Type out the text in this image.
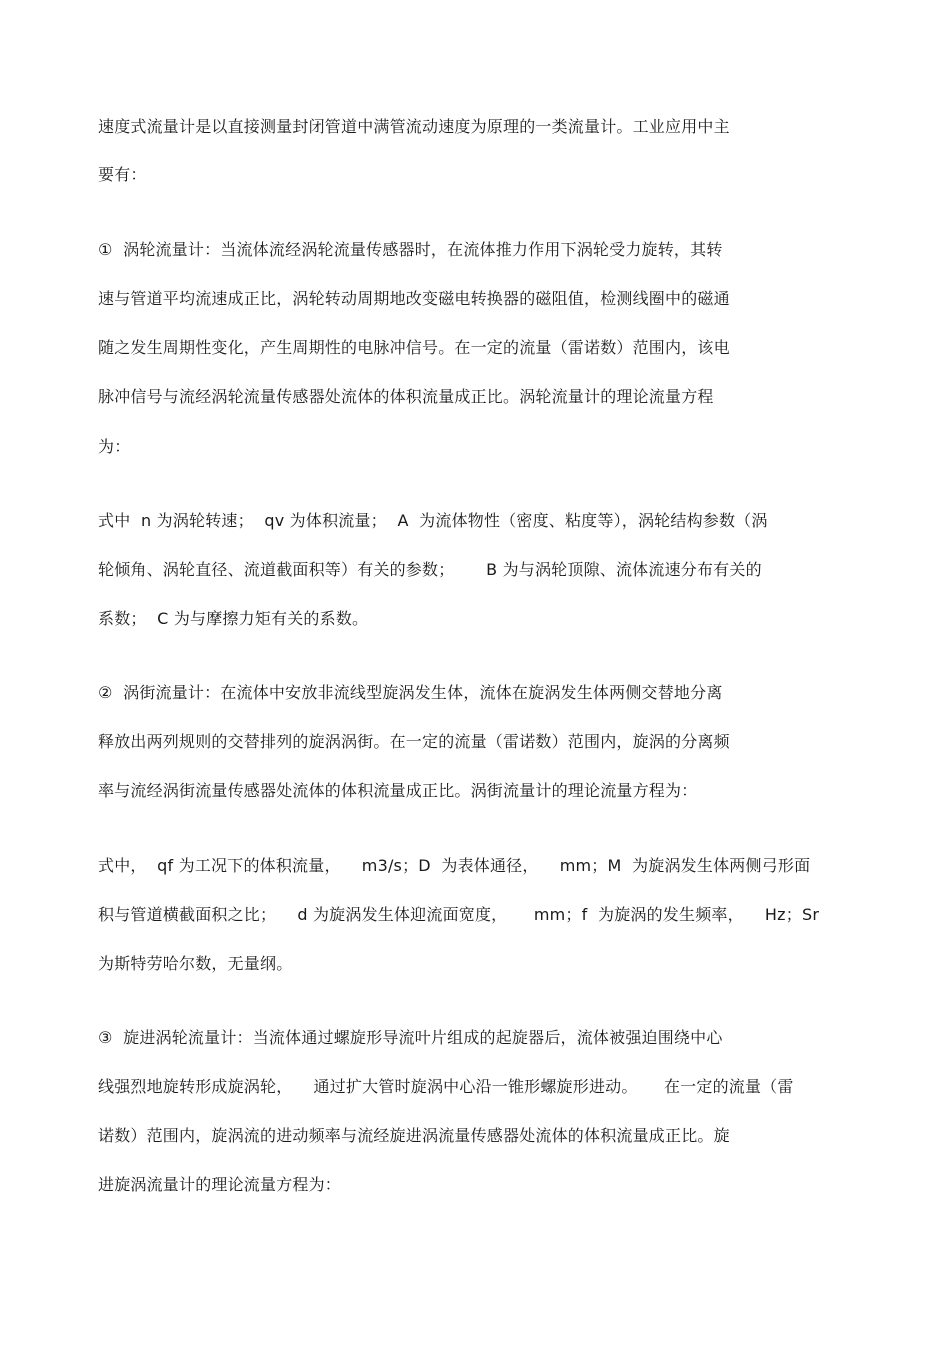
速度式流量计是以直接测量封闭管道中满管流动速度为原理的一类流量计。工业应用中主
要有：
①  涡轮流量计：当流体流经涡轮流量传感器时，在流体推力作用下涡轮受力旋转，其转
速与管道平均流速成正比，涡轮转动周期地改变磁电转换器的磁阻值，检测线圈中的磁通
随之发生周期性变化，产生周期性的电脉冲信号。在一定的流量（雷诺数）范围内，该电
脉冲信号与流经涡轮流量传感器处流体的体积流量成正比。涡轮流量计的理论流量方程
为：
式中  n 为涡轮转速；  qv 为体积流量；  A  为流体物性（密度、粘度等），涡轮结构参数（涡
轮倾角、涡轮直径、流道截面积等）有关的参数；      B 为与涡轮顶隙、流体流速分布有关的
系数；  C 为与摩擦力矩有关的系数。
②  涡街流量计：在流体中安放非流线型旋涡发生体，流体在旋涡发生体两侧交替地分离
释放出两列规则的交替排列的旋涡涡街。在一定的流量（雷诺数）范围内，旋涡的分离频
率与流经涡街流量传感器处流体的体积流量成正比。涡街流量计的理论流量方程为：
式中，  qf 为工况下的体积流量，    m3/s；D  为表体通径，    mm；M  为旋涡发生体两侧弓形面
积与管道横截面积之比；    d 为旋涡发生体迎流面宽度，     mm；f  为旋涡的发生频率，    Hz；Sr
为斯特劳哈尔数，无量纲。
③  旋进涡轮流量计：当流体通过螺旋形导流叶片组成的起旋器后，流体被强迫围绕中心
线强烈地旋转形成旋涡轮，    通过扩大管时旋涡中心沿一锥形螺旋形进动。     在一定的流量（雷
诺数）范围内，旋涡流的进动频率与流经旋进涡流量传感器处流体的体积流量成正比。旋
进旋涡流量计的理论流量方程为：
